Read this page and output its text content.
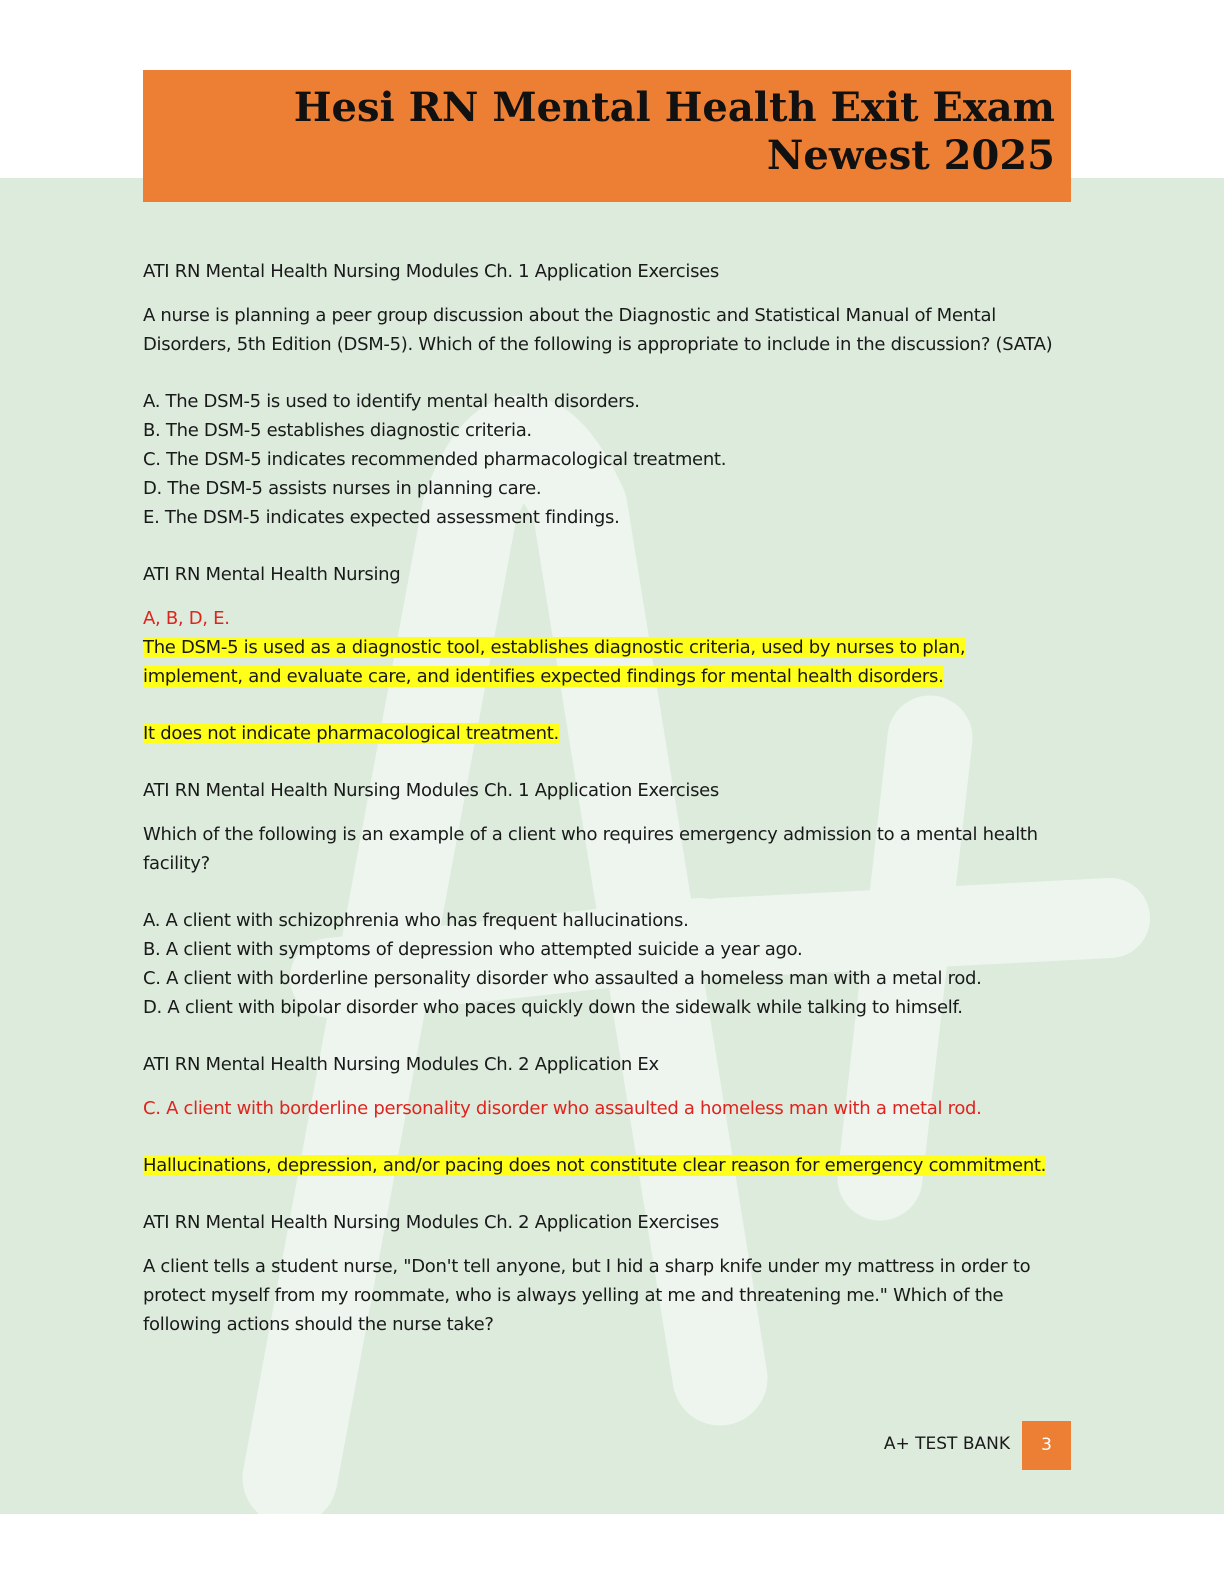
Hesi RN Mental Health Exit Exam
Newest 2025

ATI RN Mental Health Nursing Modules Ch. 1 Application Exercises

A nurse is planning a peer group discussion about the Diagnostic and Statistical Manual of Mental Disorders, 5th Edition (DSM-5). Which of the following is appropriate to include in the discussion? (SATA)

A. The DSM-5 is used to identify mental health disorders.

B. The DSM-5 establishes diagnostic criteria.

C. The DSM-5 indicates recommended pharmacological treatment.

D. The DSM-5 assists nurses in planning care.

E. The DSM-5 indicates expected assessment findings.

ATI RN Mental Health Nursing

A, B, D, E.

The DSM-5 is used as a diagnostic tool, establishes diagnostic criteria, used by nurses to plan, implement, and evaluate care, and identifies expected findings for mental health disorders.

It does not indicate pharmacological treatment.

ATI RN Mental Health Nursing Modules Ch. 1 Application Exercises

Which of the following is an example of a client who requires emergency admission to a mental health facility?

A. A client with schizophrenia who has frequent hallucinations.

B. A client with symptoms of depression who attempted suicide a year ago.

C. A client with borderline personality disorder who assaulted a homeless man with a metal rod.

D. A client with bipolar disorder who paces quickly down the sidewalk while talking to himself.

ATI RN Mental Health Nursing Modules Ch. 2 Application Ex

C. A client with borderline personality disorder who assaulted a homeless man with a metal rod.

Hallucinations, depression, and/or pacing does not constitute clear reason for emergency commitment.

ATI RN Mental Health Nursing Modules Ch. 2 Application Exercises

A client tells a student nurse, "Don't tell anyone, but I hid a sharp knife under my mattress in order to protect myself from my roommate, who is always yelling at me and threatening me." Which of the following actions should the nurse take?

A+ TEST BANK	3
